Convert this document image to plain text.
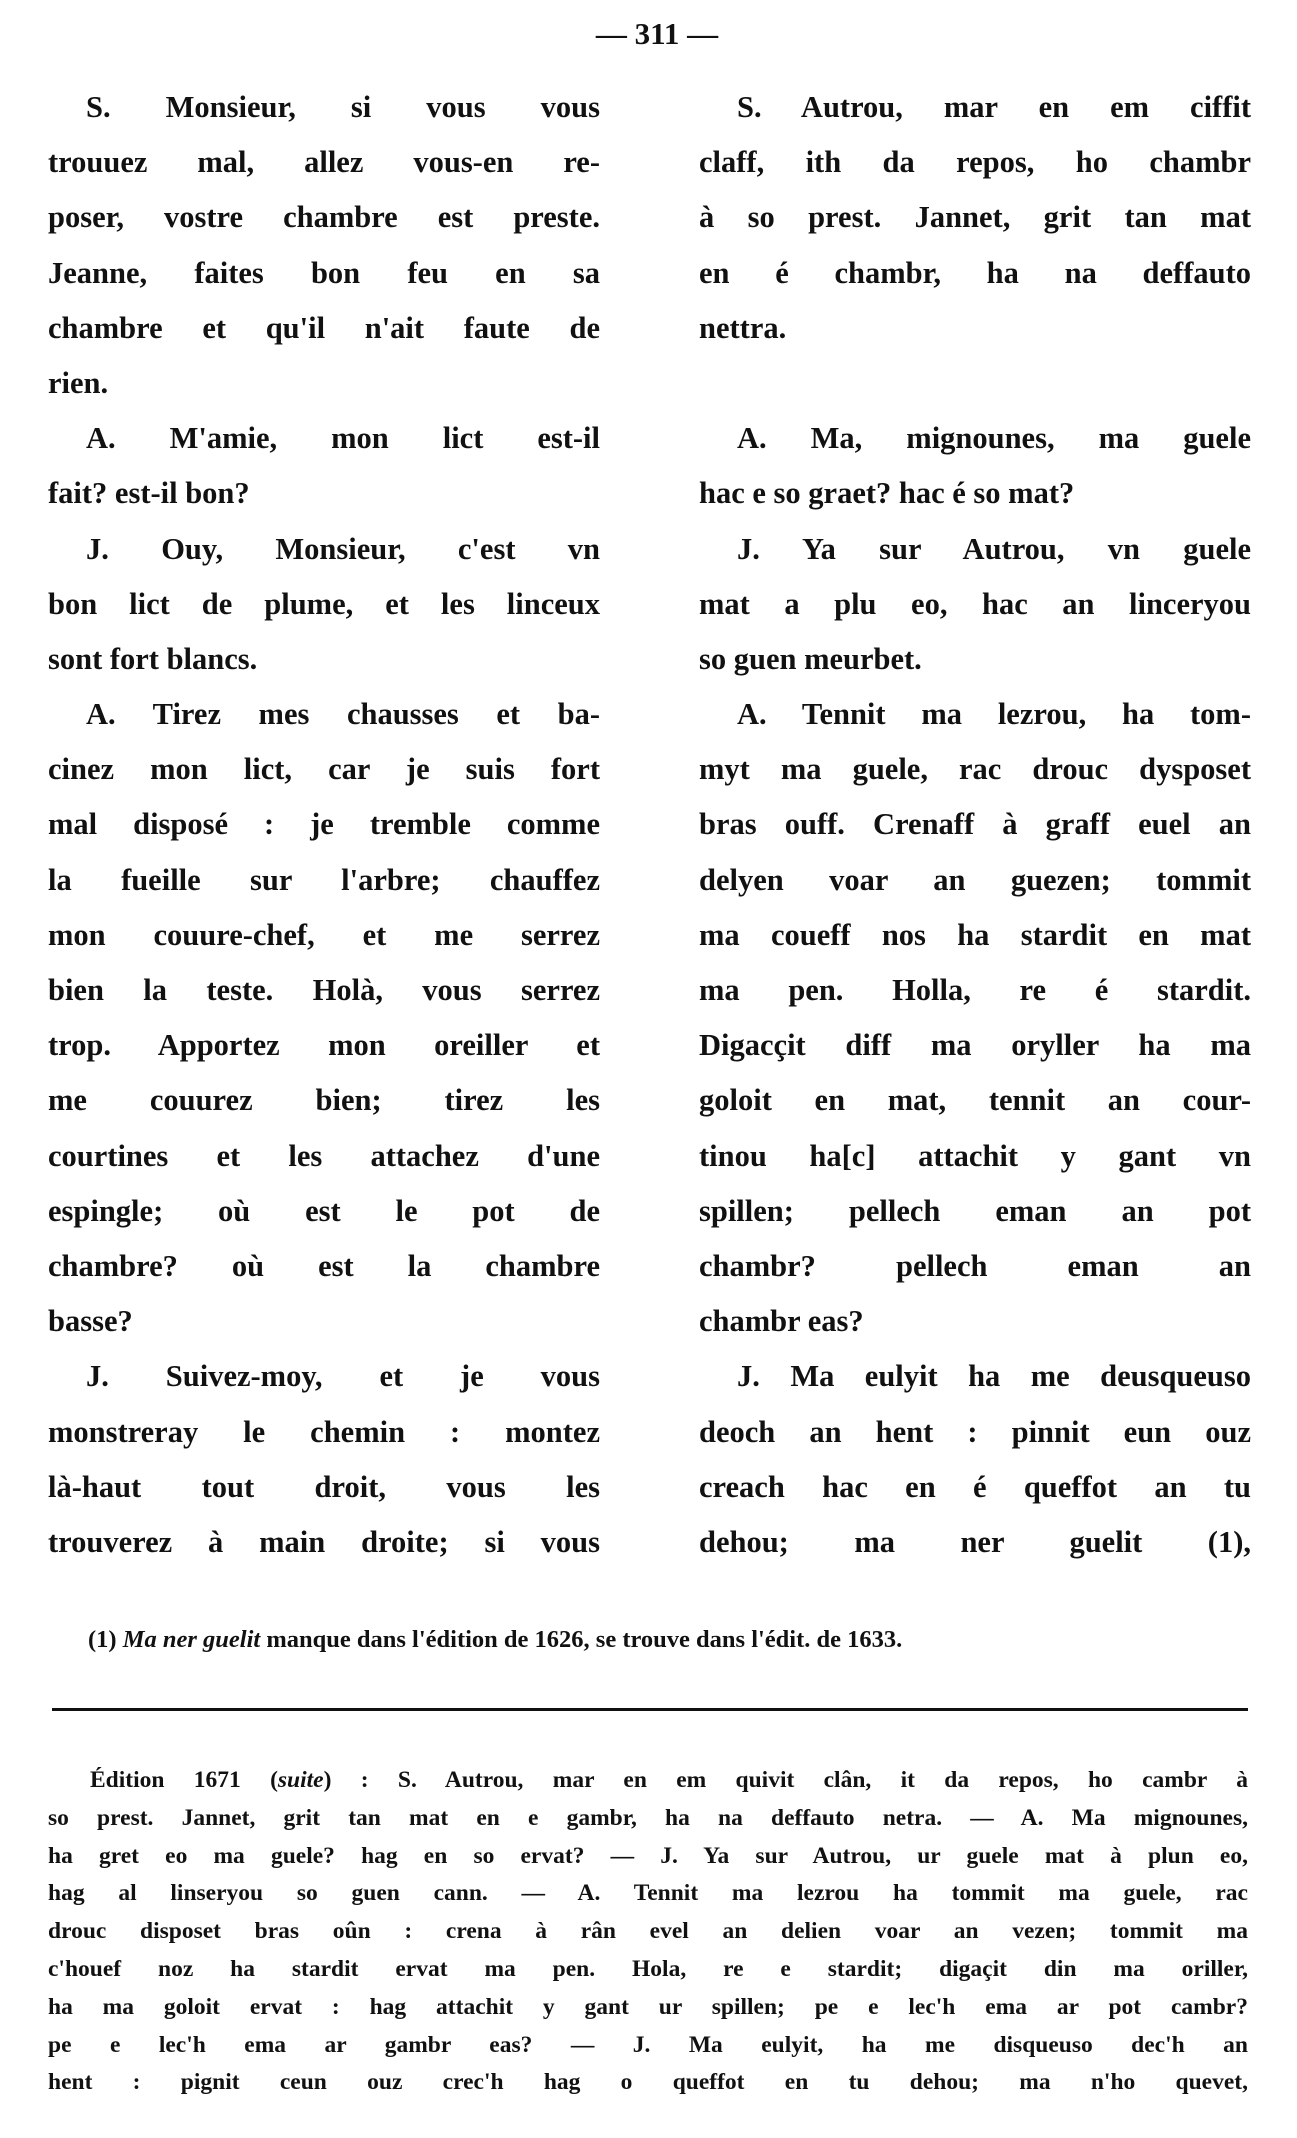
— 311 —
S. Monsieur, si vous vous
trouuez mal, allez vous-en re-
poser, vostre chambre est preste.
Jeanne, faites bon feu en sa
chambre et qu'il n'ait faute de
rien.
A. M'amie, mon lict est-il
fait? est-il bon?
J. Ouy, Monsieur, c'est vn
bon lict de plume, et les linceux
sont fort blancs.
A. Tirez mes chausses et ba-
cinez mon lict, car je suis fort
mal disposé : je tremble comme
la fueille sur l'arbre; chauffez
mon couure-chef, et me serrez
bien la teste. Holà, vous serrez
trop. Apportez mon oreiller et
me couurez bien; tirez les
courtines et les attachez d'une
espingle; où est le pot de
chambre? où est la chambre
basse?
J. Suivez-moy, et je vous
monstreray le chemin : montez
là-haut tout droit, vous les
trouverez à main droite; si vous
S. Autrou, mar en em ciffit
claff, ith da repos, ho chambr
à so prest. Jannet, grit tan mat
en é chambr, ha na deffauto
nettra.
A. Ma, mignounes, ma guele
hac e so graet? hac é so mat?
J. Ya sur Autrou, vn guele
mat a plu eo, hac an linceryou
so guen meurbet.
A. Tennit ma lezrou, ha tom-
myt ma guele, rac drouc dysposet
bras ouff. Crenaff à graff euel an
delyen voar an guezen; tommit
ma coueff nos ha stardit en mat
ma pen. Holla, re é stardit.
Digacçit diff ma oryller ha ma
goloit en mat, tennit an cour-
tinou ha[c] attachit y gant vn
spillen; pellech eman an pot
chambr? pellech eman an
chambr eas?
J. Ma eulyit ha me deusqueuso
deoch an hent : pinnit eun ouz
creach hac en é queffot an tu
dehou; ma ner guelit (1),
(1) Ma ner guelit manque dans l'édition de 1626, se trouve dans l'édit. de 1633.
Édition 1671 (suite) : S. Autrou, mar en em quivit clân, it da repos, ho cambr à
so prest. Jannet, grit tan mat en e gambr, ha na deffauto netra. — A. Ma mignounes,
ha gret eo ma guele? hag en so ervat? — J. Ya sur Autrou, ur guele mat à plun eo,
hag al linseryou so guen cann. — A. Tennit ma lezrou ha tommit ma guele, rac
drouc disposet bras oûn : crena à rân evel an delien voar an vezen; tommit ma
c'houef noz ha stardit ervat ma pen. Hola, re e stardit; digaçit din ma oriller,
ha ma goloit ervat : hag attachit y gant ur spillen; pe e lec'h ema ar pot cambr?
pe e lec'h ema ar gambr eas? — J. Ma eulyit, ha me disqueuso dec'h an
hent : pignit ceun ouz crec'h hag o queffot en tu dehou; ma n'ho quevet,
